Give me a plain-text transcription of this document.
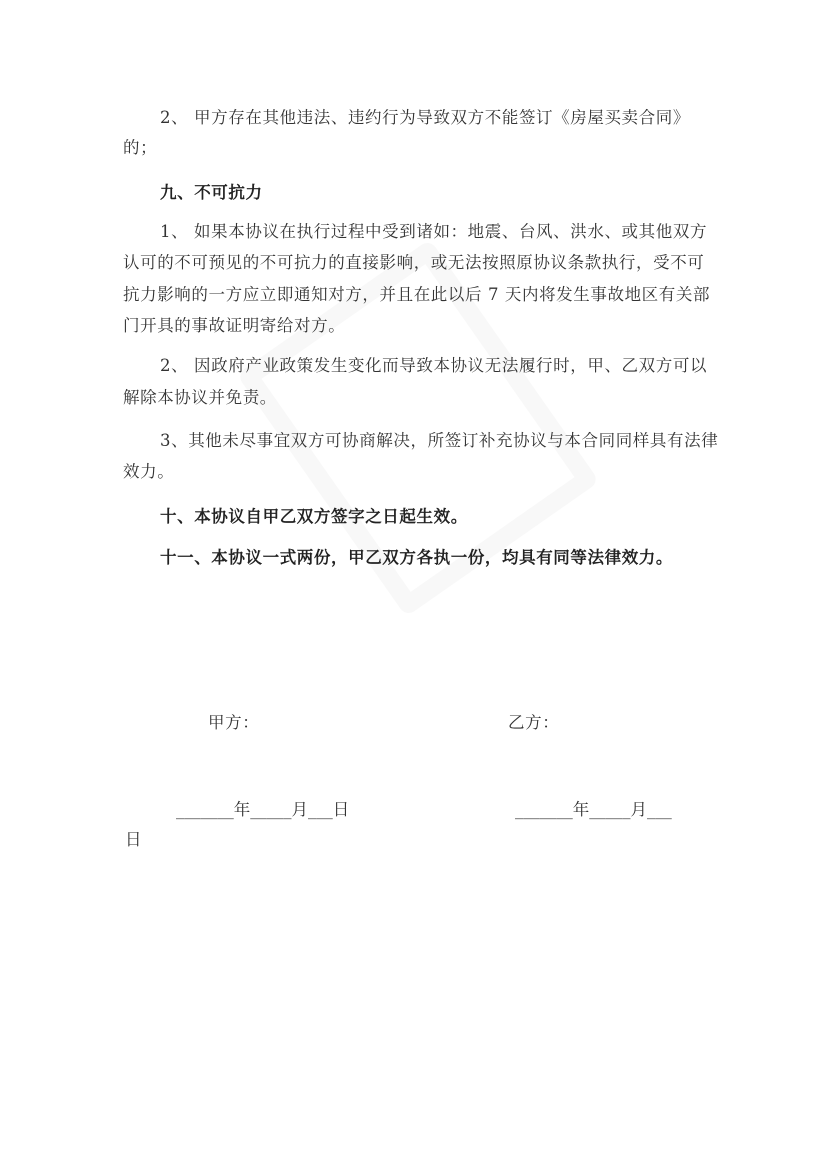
2、 甲方存在其他违法、违约行为导致双方不能签订《房屋买卖合同》
的；
九、不可抗力
1、 如果本协议在执行过程中受到诸如：地震、台风、洪水、或其他双方
认可的不可预见的不可抗力的直接影响，或无法按照原协议条款执行，受不可
抗力影响的一方应立即通知对方，并且在此以后 7 天内将发生事故地区有关部
门开具的事故证明寄给对方。
2、 因政府产业政策发生变化而导致本协议无法履行时，甲、乙双方可以
解除本协议并免责。
3、其他未尽事宜双方可协商解决，所签订补充协议与本合同同样具有法律
效力。
十、本协议自甲乙双方签字之日起生效。
十一、本协议一式两份，甲乙双方各执一份，均具有同等法律效力。
甲方：	乙方：
_______年_____月___日	_______年_____月___
日
